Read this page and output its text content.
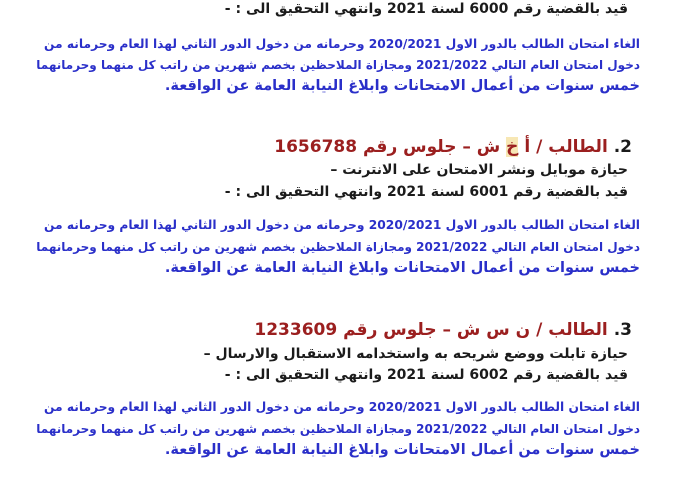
قيد بالقضية رقم 6000 لسنة 2021 وانتهي التحقيق الى : -
الغاء امتحان الطالب بالدور الاول 2020/2021 وحرمانه من دخول الدور الثاني لهذا العام وحرمانه من
دخول امتحان العام التالي 2021/2022 ومجازاة الملاحظين بخصم شهرين من راتب كل منهما وحرمانهما
خمس سنوات من أعمال الامتحانات وابلاغ النيابة العامة عن الواقعة.
2. الطالب / أ خ ش – جلوس رقم 1656788
حيازة موبايل ونشر الامتحان على الانترنت –
قيد بالقضية رقم 6001 لسنة 2021 وانتهي التحقيق الى : -
الغاء امتحان الطالب بالدور الاول 2020/2021 وحرمانه من دخول الدور الثاني لهذا العام وحرمانه من
دخول امتحان العام التالي 2021/2022 ومجازاة الملاحظين بخصم شهرين من راتب كل منهما وحرمانهما
خمس سنوات من أعمال الامتحانات وابلاغ النيابة العامة عن الواقعة.
3. الطالب / ن س ش – جلوس رقم 1233609
حيازة تابلت ووضع شريحه به واستخدامه الاستقبال والارسال –
قيد بالقضية رقم 6002 لسنة 2021 وانتهي التحقيق الى : -
الغاء امتحان الطالب بالدور الاول 2020/2021 وحرمانه من دخول الدور الثاني لهذا العام وحرمانه من
دخول امتحان العام التالي 2021/2022 ومجازاة الملاحظين بخصم شهرين من راتب كل منهما وحرمانهما
خمس سنوات من أعمال الامتحانات وابلاغ النيابة العامة عن الواقعة.
